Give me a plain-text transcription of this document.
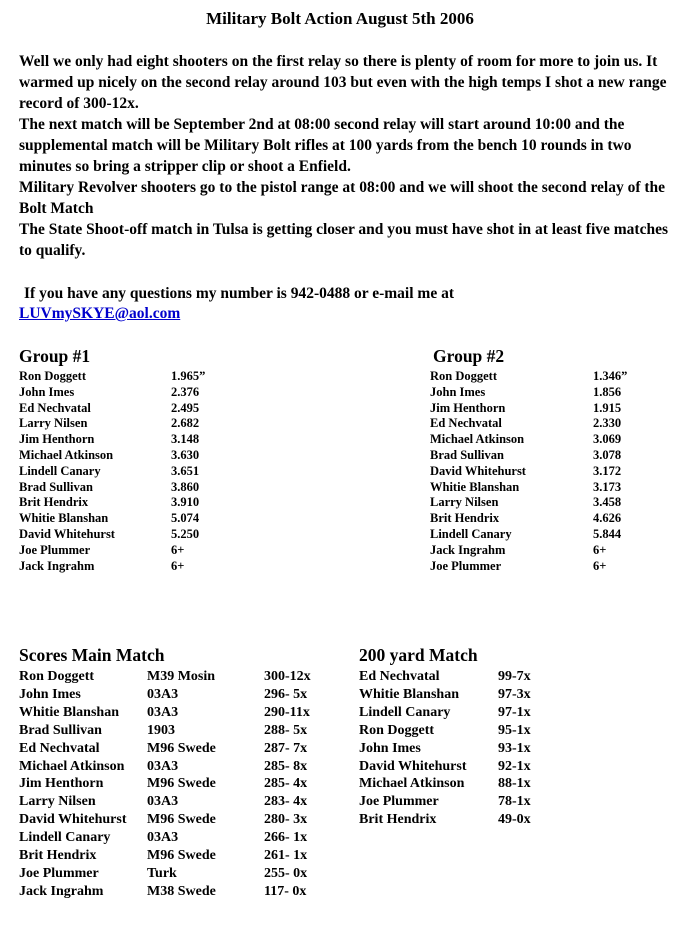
Military Bolt Action August 5th 2006
Well we only had eight shooters on the first relay so there is plenty of room for more to join us. It warmed up nicely on the second relay around 103 but even with the high temps I shot a new range record of 300-12x.
The next match will be September 2nd at 08:00 second relay will start around 10:00 and the supplemental match will be Military Bolt rifles at 100 yards from the bench 10 rounds in two minutes so bring a stripper clip or shoot a Enfield.
Military Revolver shooters go to the pistol range at 08:00 and we will shoot the second relay of the Bolt Match
The State Shoot-off match in Tulsa is getting closer and you must have shot in at least five matches to qualify.
If you have any questions my number is 942-0488 or e-mail me at
LUVmySKYE@aol.com
Group #1	Group #2
Ron Doggett	1.965”
John Imes	2.376
Ed Nechvatal	2.495
Larry Nilsen	2.682
Jim Henthorn	3.148
Michael Atkinson	3.630
Lindell Canary	3.651
Brad Sullivan	3.860
Brit Hendrix	3.910
Whitie Blanshan	5.074
David Whitehurst	5.250
Joe Plummer	6+
Jack Ingrahm	6+
Ron Doggett	1.346”
John Imes	1.856
Jim Henthorn	1.915
Ed Nechvatal	2.330
Michael Atkinson	3.069
Brad Sullivan	3.078
David Whitehurst	3.172
Whitie Blanshan	3.173
Larry Nilsen	3.458
Brit Hendrix	4.626
Lindell Canary	5.844
Jack Ingrahm	6+
Joe Plummer	6+
Scores Main Match	200 yard Match
Ron Doggett	M39 Mosin	300-12x
John Imes	03A3	296- 5x
Whitie Blanshan 03A3	290-11x
Brad Sullivan	1903	288- 5x
Ed Nechvatal	M96 Swede	287- 7x
Michael Atkinson 03A3	285- 8x
Jim Henthorn	M96 Swede	285- 4x
Larry Nilsen	03A3	283- 4x
David Whitehurst M96 Swede	280- 3x
Lindell Canary	03A3	266- 1x
Brit Hendrix	M96 Swede	261- 1x
Joe Plummer	Turk	255- 0x
Jack Ingrahm	M38 Swede	117- 0x
Ed Nechvatal	99-7x
Whitie Blanshan	97-3x
Lindell Canary	97-1x
Ron Doggett	95-1x
John Imes	93-1x
David Whitehurst 92-1x
Michael Atkinson 88-1x
Joe Plummer	78-1x
Brit Hendrix	49-0x
